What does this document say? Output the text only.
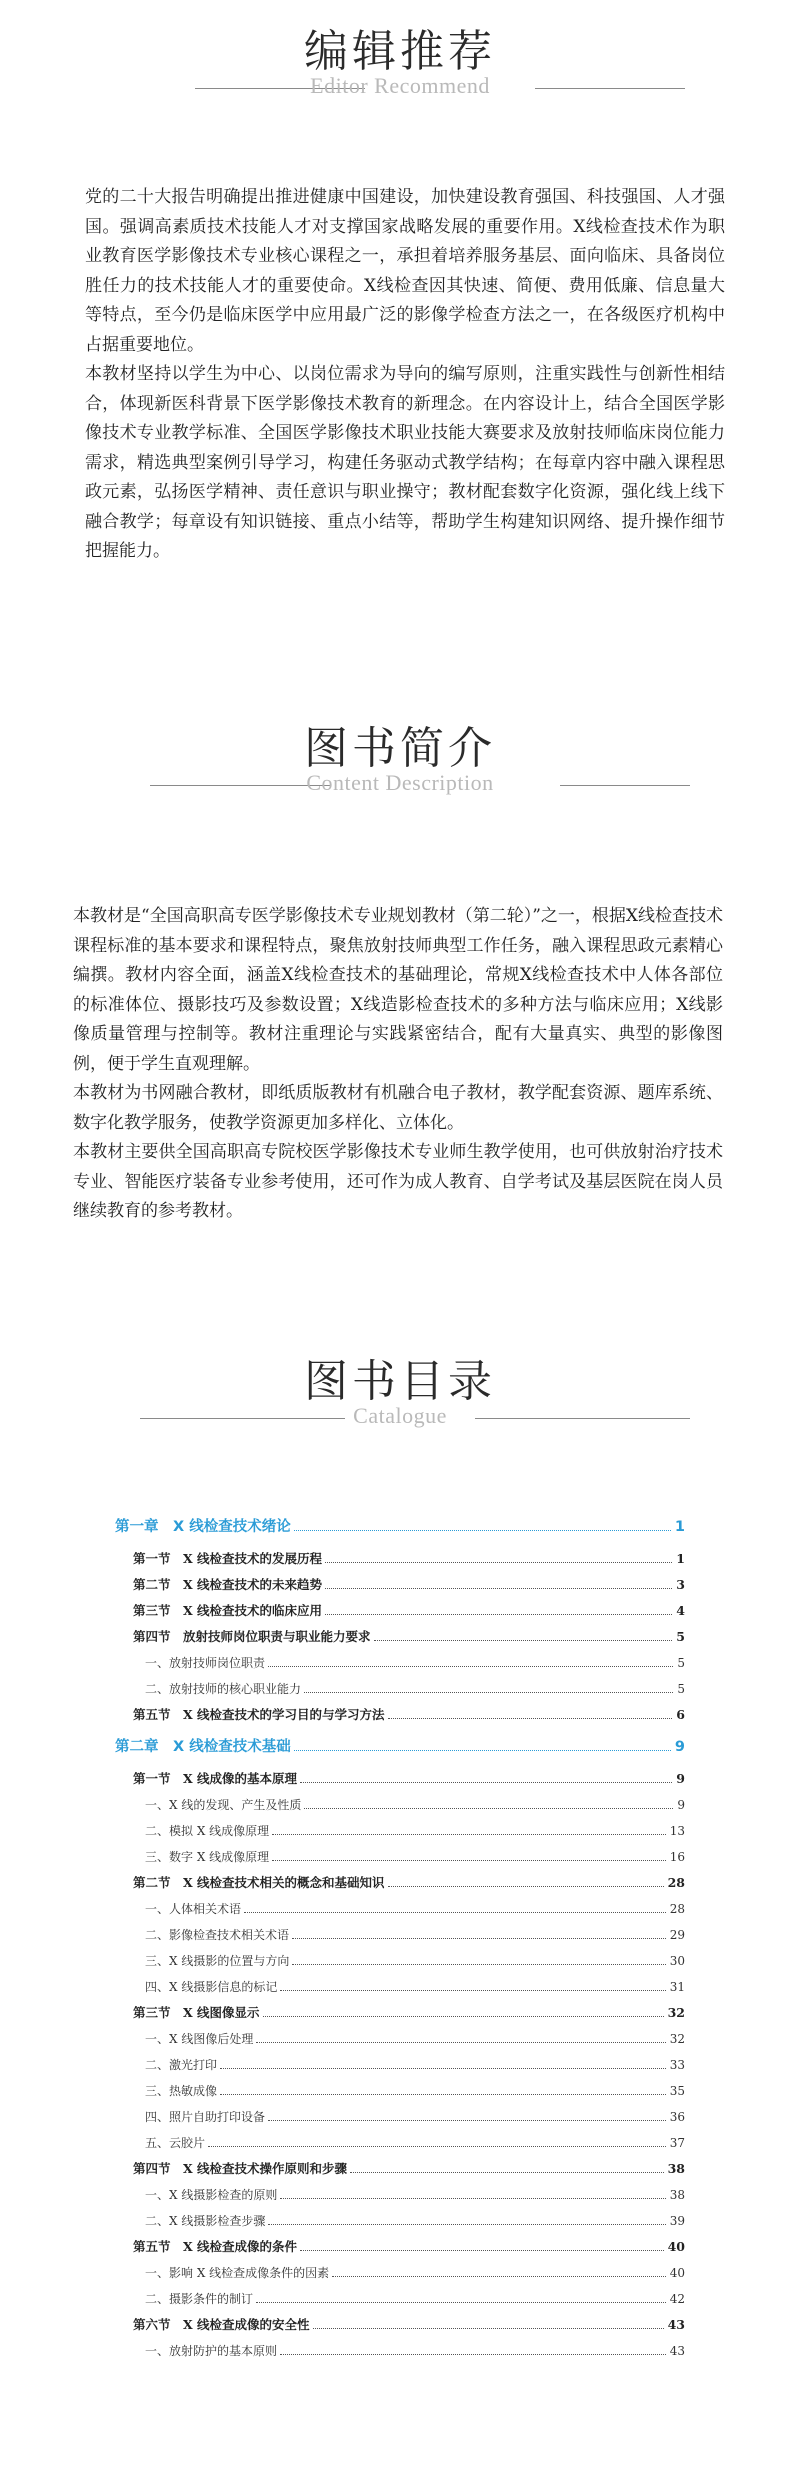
编辑推荐
Editor Recommend

党的二十大报告明确提出推进健康中国建设，加快建设教育强国、科技强国、人才强国。强调高素质技术技能人才对支撑国家战略发展的重要作用。X线检查技术作为职业教育医学影像技术专业核心课程之一，承担着培养服务基层、面向临床、具备岗位胜任力的技术技能人才的重要使命。X线检查因其快速、简便、费用低廉、信息量大等特点，至今仍是临床医学中应用最广泛的影像学检查方法之一，在各级医疗机构中占据重要地位。

本教材坚持以学生为中心、以岗位需求为导向的编写原则，注重实践性与创新性相结合，体现新医科背景下医学影像技术教育的新理念。在内容设计上，结合全国医学影像技术专业教学标准、全国医学影像技术职业技能大赛要求及放射技师临床岗位能力需求，精选典型案例引导学习，构建任务驱动式教学结构；在每章内容中融入课程思政元素，弘扬医学精神、责任意识与职业操守；教材配套数字化资源，强化线上线下融合教学；每章设有知识链接、重点小结等，帮助学生构建知识网络、提升操作细节把握能力。

图书简介
Content Description

本教材是“全国高职高专医学影像技术专业规划教材（第二轮）”之一，根据X线检查技术课程标准的基本要求和课程特点，聚焦放射技师典型工作任务，融入课程思政元素精心编撰。教材内容全面，涵盖X线检查技术的基础理论，常规X线检查技术中人体各部位的标准体位、摄影技巧及参数设置；X线造影检查技术的多种方法与临床应用；X线影像质量管理与控制等。教材注重理论与实践紧密结合，配有大量真实、典型的影像图例，便于学生直观理解。

本教材为书网融合教材，即纸质版教材有机融合电子教材，教学配套资源、题库系统、数字化教学服务，使教学资源更加多样化、立体化。

本教材主要供全国高职高专院校医学影像技术专业师生教学使用，也可供放射治疗技术专业、智能医疗装备专业参考使用，还可作为成人教育、自学考试及基层医院在岗人员继续教育的参考教材。

图书目录
Catalogue
第一章　X 线检查技术绪论	1
第一节　X 线检查技术的发展历程	1
第二节　X 线检查技术的未来趋势	3
第三节　X 线检查技术的临床应用	4
第四节　放射技师岗位职责与职业能力要求	5
一、放射技师岗位职责	5
二、放射技师的核心职业能力	5
第五节　X 线检查技术的学习目的与学习方法	6
第二章　X 线检查技术基础	9
第一节　X 线成像的基本原理	9
一、X 线的发现、产生及性质	9
二、模拟 X 线成像原理	13
三、数字 X 线成像原理	16
第二节　X 线检查技术相关的概念和基础知识	28
一、人体相关术语	28
二、影像检查技术相关术语	29
三、X 线摄影的位置与方向	30
四、X 线摄影信息的标记	31
第三节　X 线图像显示	32
一、X 线图像后处理	32
二、激光打印	33
三、热敏成像	35
四、照片自助打印设备	36
五、云胶片	37
第四节　X 线检查技术操作原则和步骤	38
一、X 线摄影检查的原则	38
二、X 线摄影检查步骤	39
第五节　X 线检查成像的条件	40
一、影响 X 线检查成像条件的因素	40
二、摄影条件的制订	42
第六节　X 线检查成像的安全性	43
一、放射防护的基本原则	43
